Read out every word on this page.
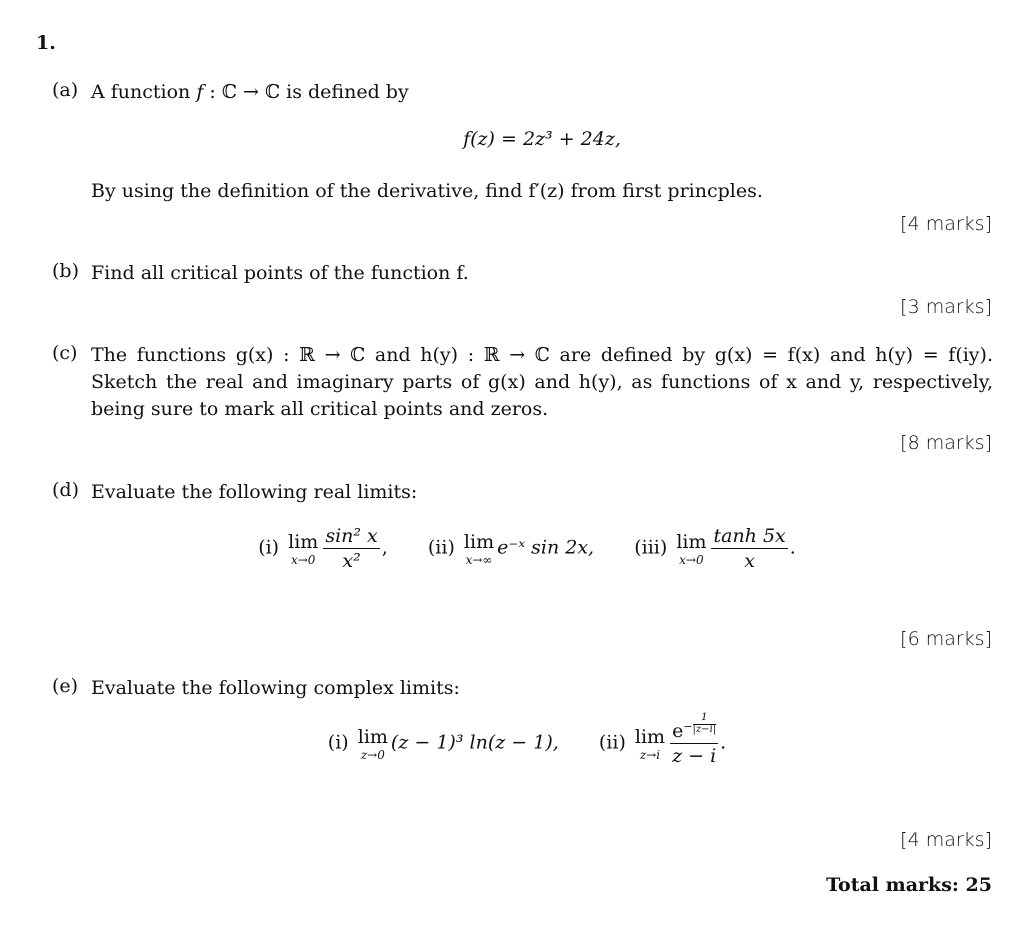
1.
(a) A function f : ℂ → ℂ is defined by
f(z) = 2z³ + 24z,
By using the definition of the derivative, find f′(z) from first princples.
[4 marks]
(b) Find all critical points of the function f.
[3 marks]
(c) The functions g(x) : ℝ → ℂ and h(y) : ℝ → ℂ are defined by g(x) = f(x) and h(y) = f(iy).
Sketch the real and imaginary parts of g(x) and h(y), as functions of x and y, respectively,
being sure to mark all critical points and zeros.
[8 marks]
(d) Evaluate the following real limits:
(i) lim
$x\to 0 \frac{\text{sin² x}}{\text{x²}}$ ,  (ii) lim
x→∞
e⁻ˣ sin 2x, (iii) lim
$x\to 0 \frac{\tanh 5x}{x}$ .
[6 marks]
(e) Evaluate the following complex limits:
(i) lim
z→0
(z − 1)³ ln(z − 1), (ii) lim
z→i $e^{- \frac{1}{|z-i|}}$
z − i .
[4 marks]
Total marks: 25
